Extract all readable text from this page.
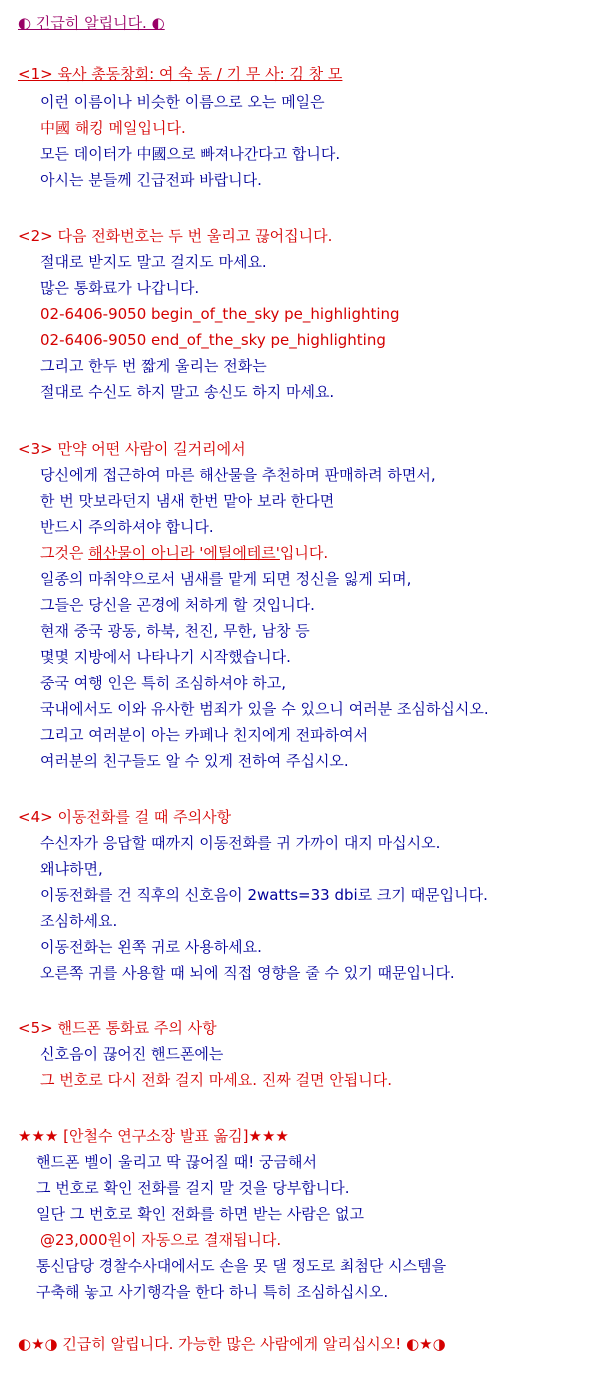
그것은 해산물이 아니라 '에틸에테르'입니다.
◐ 긴급히 알립니다. ◐
<1> 육사 총동창회: 여 숙 동 / 기 무 사: 김 창 모
이런 이름이나 비슷한 이름으로 오는 메일은
中國 해킹 메일입니다.
모든 데이터가 中國으로 빠져나간다고 합니다.
아시는 분들께 긴급전파 바랍니다.
<2> 다음 전화번호는 두 번 울리고 끊어집니다.
절대로 받지도 말고 걸지도 마세요.
많은 통화료가 나갑니다.
02-6406-9050 begin_of_the_sky pe_highlighting
02-6406-9050 end_of_the_sky pe_highlighting
그리고 한두 번 짧게 울리는 전화는
절대로 수신도 하지 말고 송신도 하지 마세요.
<3> 만약 어떤 사람이 길거리에서
당신에게 접근하여 마른 해산물을 추천하며 판매하려 하면서,
한 번 맛보라던지 냄새 한번 맡아 보라 한다면
반드시 주의하셔야 합니다.
일종의 마취약으로서 냄새를 맡게 되면 정신을 잃게 되며,
그들은 당신을 곤경에 처하게 할 것입니다.
현재 중국 광동, 하북, 천진, 무한, 남창 등
몇몇 지방에서 나타나기 시작했습니다.
중국 여행 인은 특히 조심하셔야 하고,
국내에서도 이와 유사한 범죄가 있을 수 있으니 여러분 조심하십시오.
그리고 여러분이 아는 카페나 친지에게 전파하여서
여러분의 친구들도 알 수 있게 전하여 주십시오.
<4> 이동전화를 걸 때 주의사항
수신자가 응답할 때까지 이동전화를 귀 가까이 대지 마십시오.
왜냐하면,
이동전화를 건 직후의 신호음이 2watts=33 dbi로 크기 때문입니다.
조심하세요.
이동전화는 왼쪽 귀로 사용하세요.
오른쪽 귀를 사용할 때 뇌에 직접 영향을 줄 수 있기 때문입니다.
<5> 핸드폰 통화료 주의 사항
신호음이 끊어진 핸드폰에는
그 번호로 다시 전화 걸지 마세요. 진짜 걸면 안됩니다.
★★★ [안철수 연구소장 발표 옮김]★★★
핸드폰 벨이 울리고 딱 끊어질 때! 궁금해서
그 번호로 확인 전화를 걸지 말 것을 당부합니다.
일단 그 번호로 확인 전화를 하면 받는 사람은 없고
@23,000원이 자동으로 결재됩니다.
통신담당 경찰수사대에서도 손을 못 댈 정도로 최첨단 시스템을
구축해 놓고 사기행각을 한다 하니 특히 조심하십시오.
◐★◑ 긴급히 알립니다. 가능한 많은 사람에게 알리십시오! ◐★◑
